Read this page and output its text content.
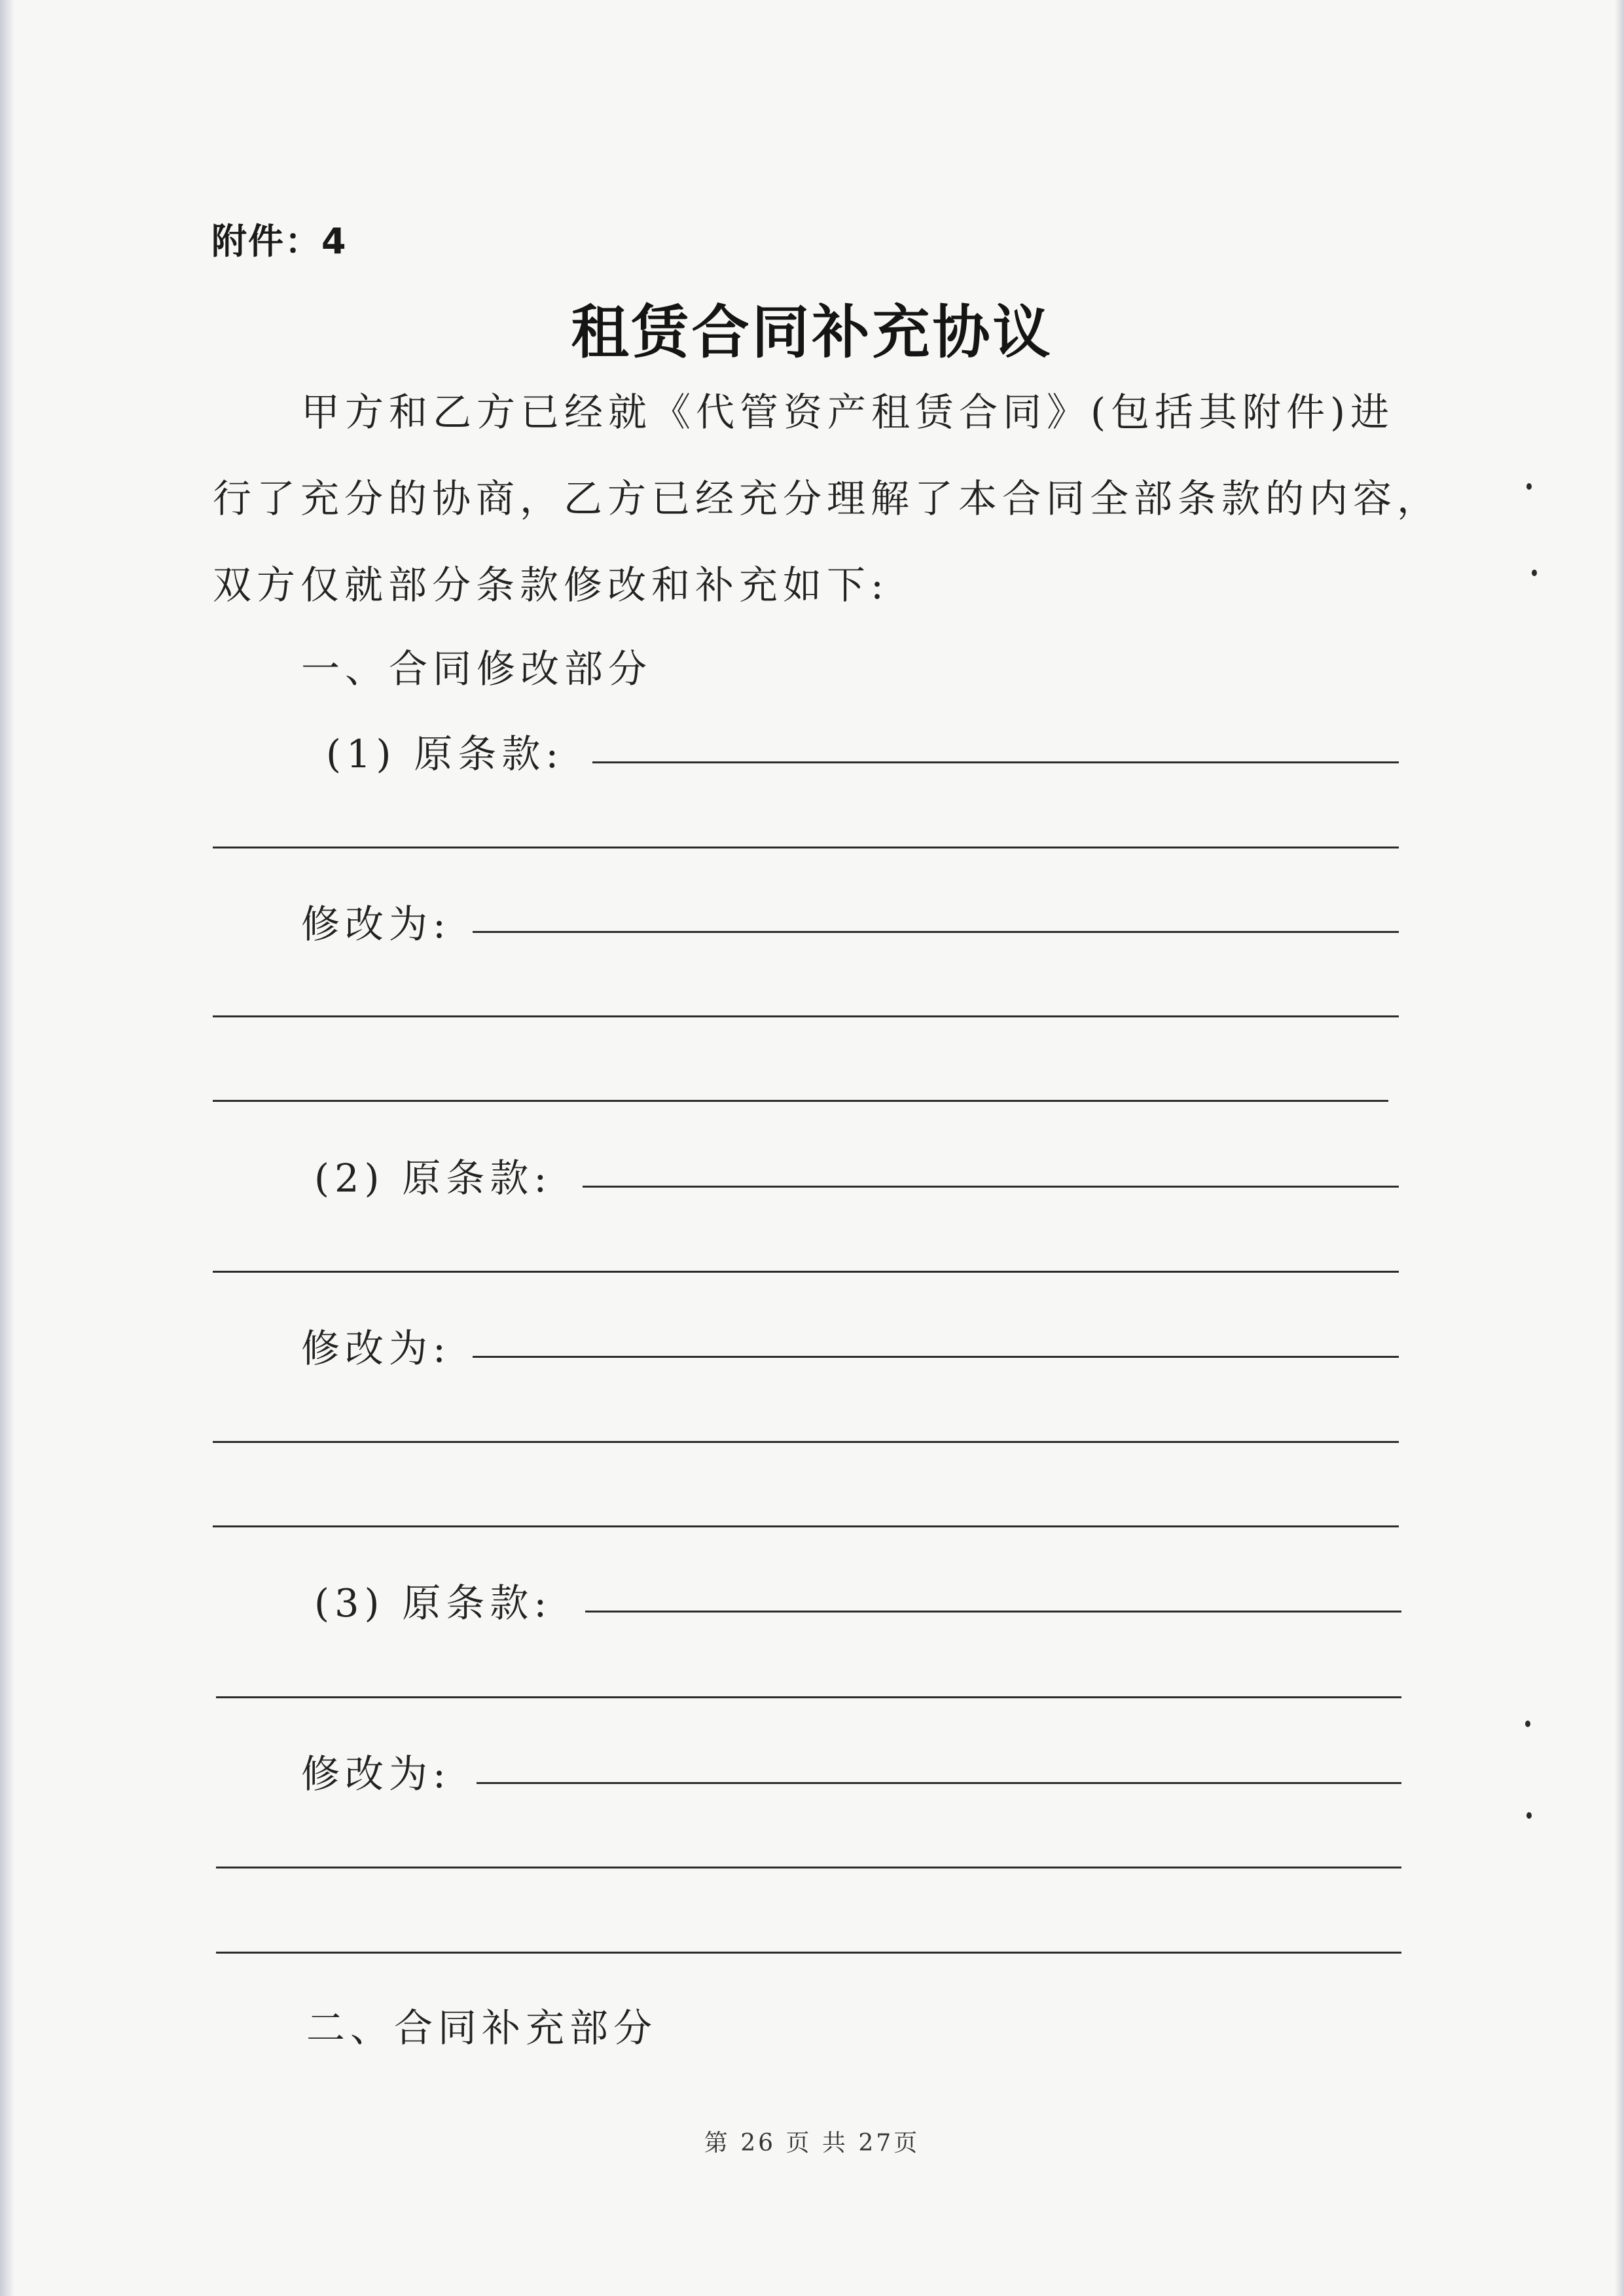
附件：4
租赁合同补充协议
甲方和乙方已经就《代管资产租赁合同》(包括其附件)进
行了充分的协商，乙方已经充分理解了本合同全部条款的内容，
双方仅就部分条款修改和补充如下:
一、合同修改部分
(1) 原条款:
修改为:
(2) 原条款:
修改为:
(3) 原条款:
修改为:
二、合同补充部分
第 26 页 共 27页
